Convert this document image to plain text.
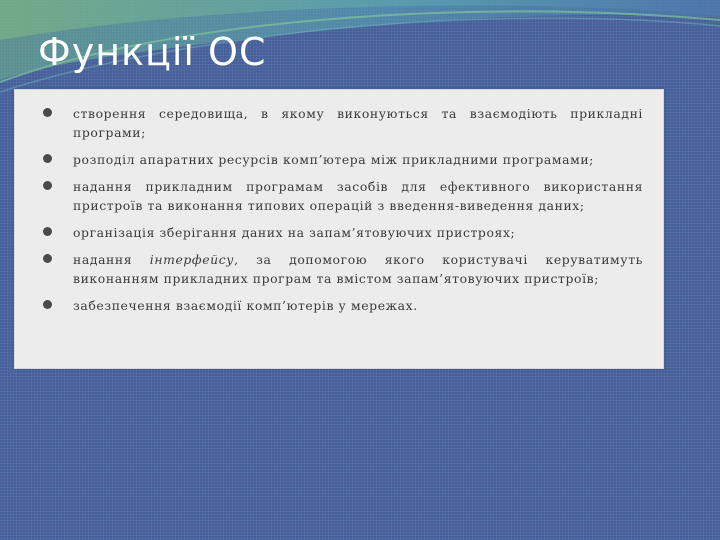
Функції ОС
створення середовища, в якому виконуються та взаємодіють прикладні програми;
розподіл апаратних ресурсів комп’ютера між прикладними програмами;
надання прикладним програмам засобів для ефективного використання пристроїв та виконання типових операцій з введення-виведення даних;
організація зберігання даних на запам’ятовуючих пристроях;
надання інтерфейсу, за допомогою якого користувачі керуватимуть виконанням прикладних програм та вмістом запам’ятовуючих пристроїв;
забезпечення взаємодії комп’ютерів у мережах.
